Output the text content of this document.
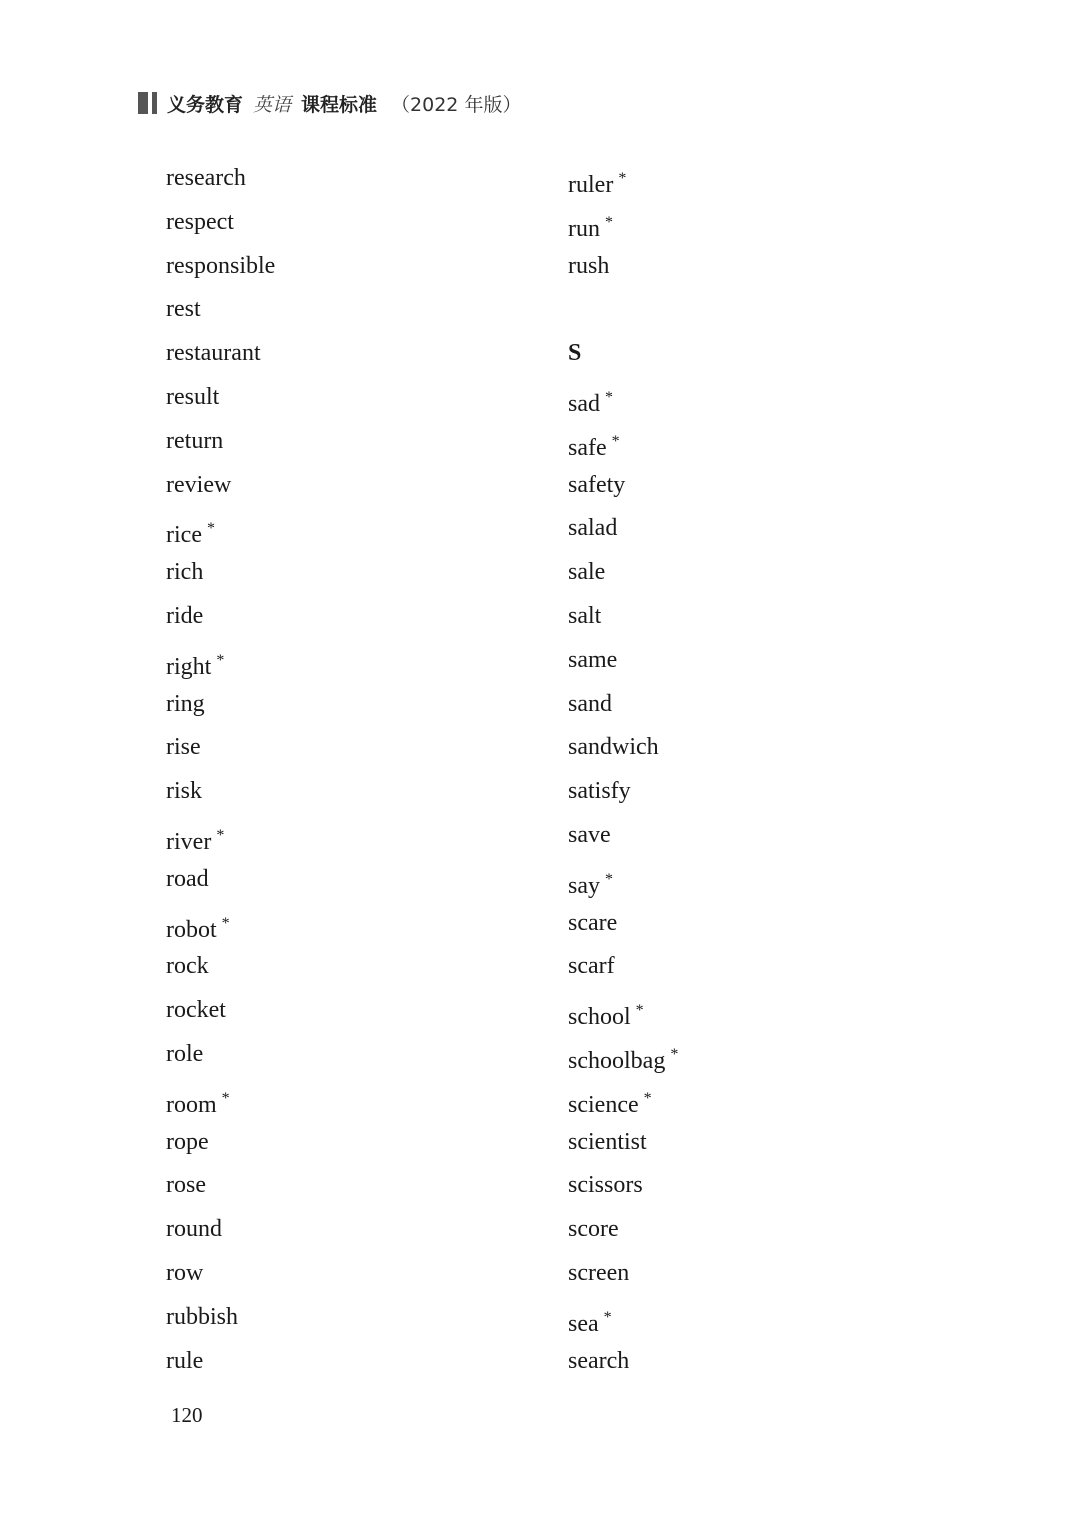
义务教育 英语 课程标准 （2022 年版）
research
respect
responsible
rest
restaurant
result
return
review
rice *
rich
ride
right *
ring
rise
risk
river *
road
robot *
rock
rocket
role
room *
rope
rose
round
row
rubbish
rule
ruler *
run *
rush
S
sad *
safe *
safety
salad
sale
salt
same
sand
sandwich
satisfy
save
say *
scare
scarf
school *
schoolbag *
science *
scientist
scissors
score
screen
sea *
search
120
